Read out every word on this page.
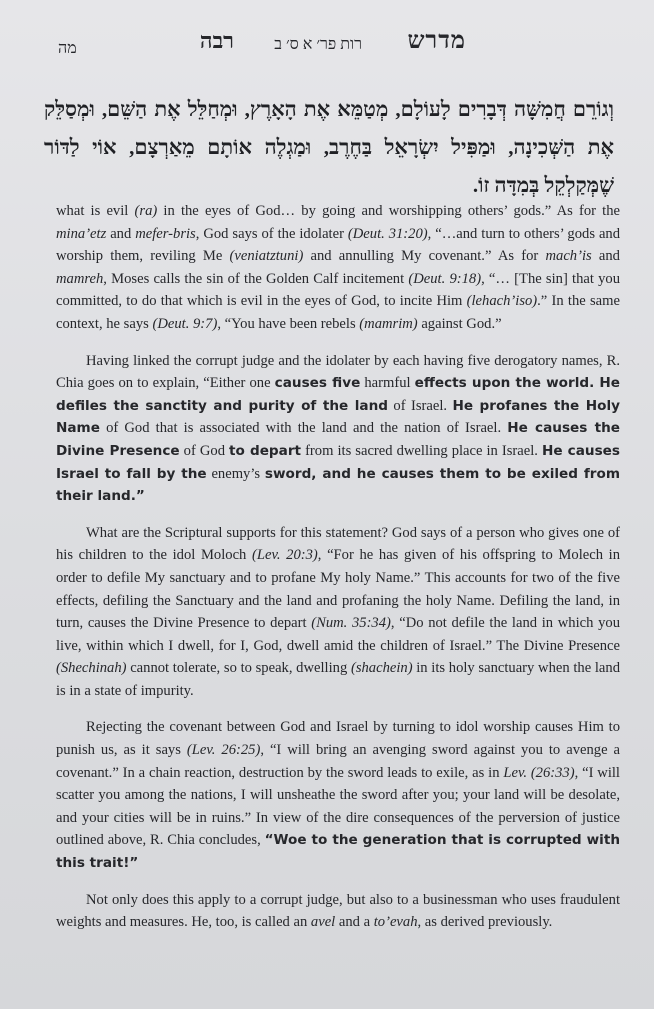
מדרש
רות פר׳ א ס׳ ב
רבה
מה
וְגוֹרֵם חֲמִשָּׁה דְּבָרִים לָעוֹלָם, מְטַמֵּא אֶת הָאָרֶץ, וּמְחַלֵּל אֶת הַשֵּׁם, וּמְסַלֵּק אֶת הַשְּׁכִינָה, וּמַפִּיל יִשְׂרָאֵל בַּחֶרֶב, וּמַגְלֶה אוֹתָם מֵאַרְצָם, אוֹי לַדּוֹר שֶׁמְּקַלְקֵל בְּמִדָּה זוֹ.

what is evil (ra) in the eyes of God… by going and worshipping others’ gods.” As for the mina’etz and mefer-bris, God says of the idolater (Deut. 31:20), “…and turn to others’ gods and worship them, reviling Me (veniatztuni) and annulling My covenant.” As for mach’is and mamreh, Moses calls the sin of the Golden Calf incitement (Deut. 9:18), “… [The sin] that you committed, to do that which is evil in the eyes of God, to incite Him (lehach’iso).” In the same context, he says (Deut. 9:7), “You have been rebels (mamrim) against God.”

Having linked the corrupt judge and the idolater by each having five derogatory names, R. Chia goes on to explain, “Either one causes five harmful effects upon the world. He defiles the sanctity and purity of the land of Israel. He profanes the Holy Name of God that is associated with the land and the nation of Israel. He causes the Divine Presence of God to depart from its sacred dwelling place in Israel. He causes Israel to fall by the enemy’s sword, and he causes them to be exiled from their land.”

What are the Scriptural supports for this statement? God says of a person who gives one of his children to the idol Moloch (Lev. 20:3), “For he has given of his offspring to Molech in order to defile My sanctuary and to profane My holy Name.” This accounts for two of the five effects, defiling the Sanctuary and the land and profaning the holy Name. Defiling the land, in turn, causes the Divine Presence to depart (Num. 35:34), “Do not defile the land in which you live, within which I dwell, for I, God, dwell amid the children of Israel.” The Divine Presence (Shechinah) cannot tolerate, so to speak, dwelling (shachein) in its holy sanctuary when the land is in a state of impurity.

Rejecting the covenant between God and Israel by turning to idol worship causes Him to punish us, as it says (Lev. 26:25), “I will bring an avenging sword against you to avenge a covenant.” In a chain reaction, destruction by the sword leads to exile, as in Lev. (26:33), “I will scatter you among the nations, I will unsheathe the sword after you; your land will be desolate, and your cities will be in ruins.” In view of the dire consequences of the perversion of justice outlined above, R. Chia concludes, “Woe to the generation that is corrupted with this trait!”

Not only does this apply to a corrupt judge, but also to a businessman who uses fraudulent weights and measures. He, too, is called an avel and a to’evah, as derived previously.
